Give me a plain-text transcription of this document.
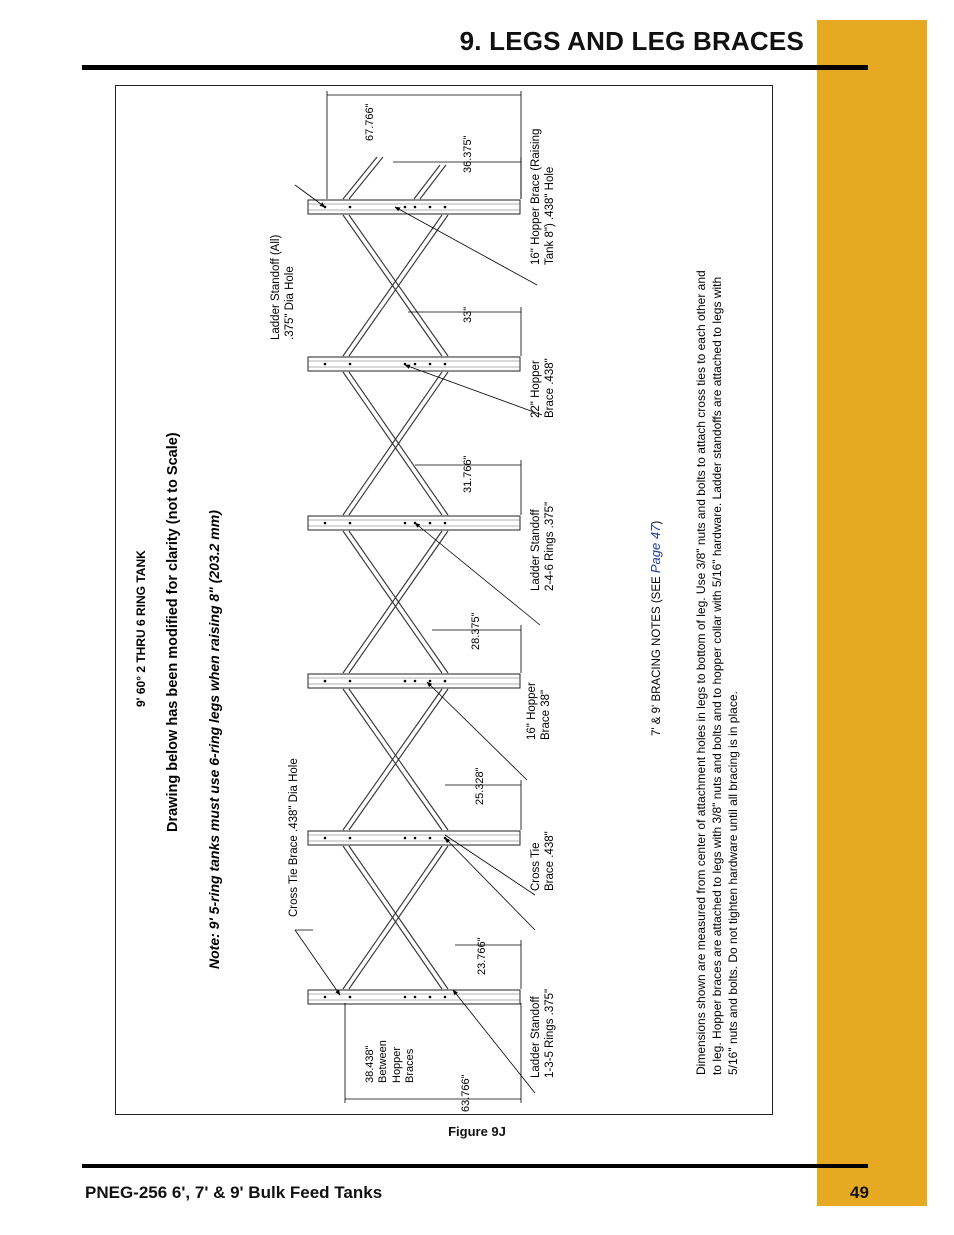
9. LEGS AND LEG BRACES
9' 60° 2 THRU 6 RING TANK Drawing below has been modified for clarity (not to Scale) Note: 9' 5-ring tanks must use 6-ring legs when raising 8" (203.2 mm)
63.766"
23.766"
25.328"
28.375"
31.766"
33"
36.375"
67.766"
38.438" Between Hopper Braces	Ladder Standoff 1-3-5 Rings .375"
Cross Tie Brace .438" Dia Hole	Cross Tie Brace .438"
16" Hopper Brace 38"
Ladder Standoff 2-4-6 Rings .375"
22" Hopper Brace .438"
Ladder Standoff (All) .375" Dia Hole
16" Hopper Brace (Raising Tank 8") .438" Hole
7' & 9' BRACING NOTES (SEE Page 47)	Dimensions shown are measured from center of attachment holes in legs to bottom of leg. Use 3/8" nuts and bolts to attach cross ties to each other and to leg. Hopper braces are attached to legs with 3/8" nuts and bolts and to hopper collar with 5/16" hardware. Ladder standoffs are attached to legs with 5/16" nuts and bolts. Do not tighten hardware until all bracing is in place.
Figure 9J
PNEG-256 6', 7' & 9' Bulk Feed Tanks	49
